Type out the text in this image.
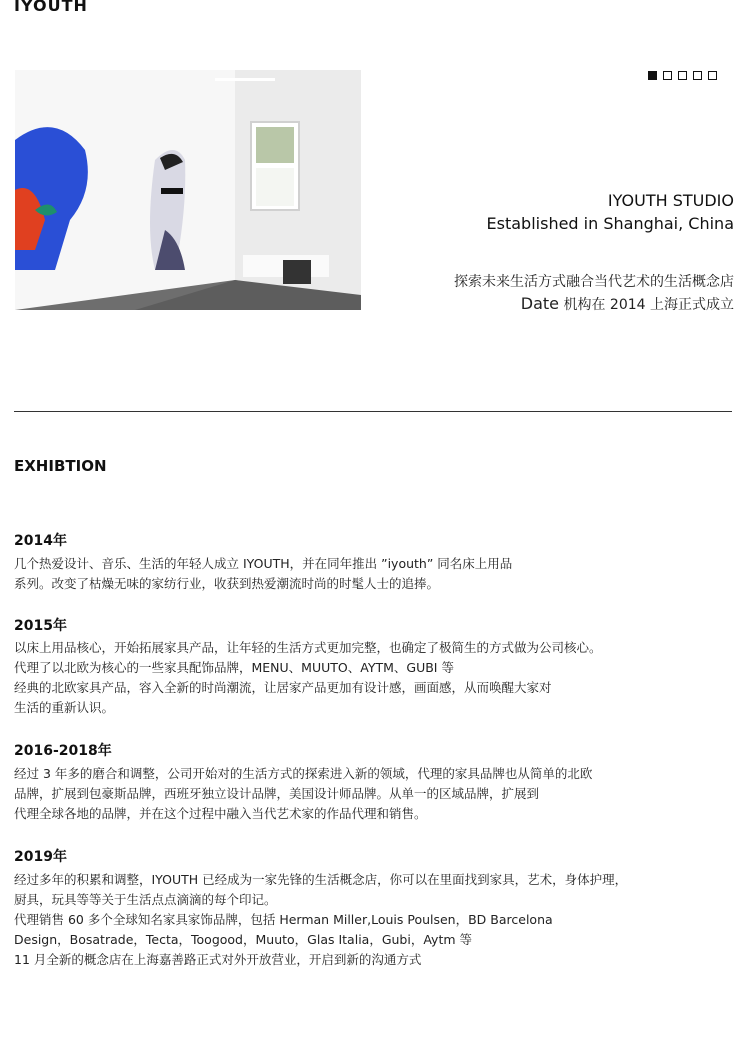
IYOUTH
IYOUTH STUDIO
Established in Shanghai, China
探索未来生活方式融合当代艺术的生活概念店
Date 机构在 2014 上海正式成立
EXHIBTION
2014年
几个热爱设计、音乐、生活的年轻人成立 IYOUTH，并在同年推出 ”iyouth” 同名床上用品
系列。改变了枯燥无味的家纺行业，收获到热爱潮流时尚的时髦人士的追捧。
2015年
以床上用品核心，开始拓展家具产品，让年轻的生活方式更加完整，也确定了极简生的方式做为公司核心。
代理了以北欧为核心的一些家具配饰品牌，MENU、MUUTO、AYTM、GUBI 等
经典的北欧家具产品，容入全新的时尚潮流，让居家产品更加有设计感，画面感，从而唤醒大家对
生活的重新认识。
2016-2018年
经过 3 年多的磨合和调整，公司开始对的生活方式的探索进入新的领域，代理的家具品牌也从简单的北欧
品牌，扩展到包豪斯品牌，西班牙独立设计品牌，美国设计师品牌。从单一的区域品牌，扩展到
代理全球各地的品牌，并在这个过程中融入当代艺术家的作品代理和销售。
2019年
经过多年的积累和调整，IYOUTH 已经成为一家先锋的生活概念店，你可以在里面找到家具，艺术，身体护理，
厨具，玩具等等关于生活点点滴滴的每个印记。
代理销售 60 多个全球知名家具家饰品牌，包括 Herman Miller,Louis Poulsen，BD Barcelona
Design，Bosatrade，Tecta，Toogood，Muuto，Glas Italia，Gubi，Aytm 等
11 月全新的概念店在上海嘉善路正式对外开放营业，开启到新的沟通方式
